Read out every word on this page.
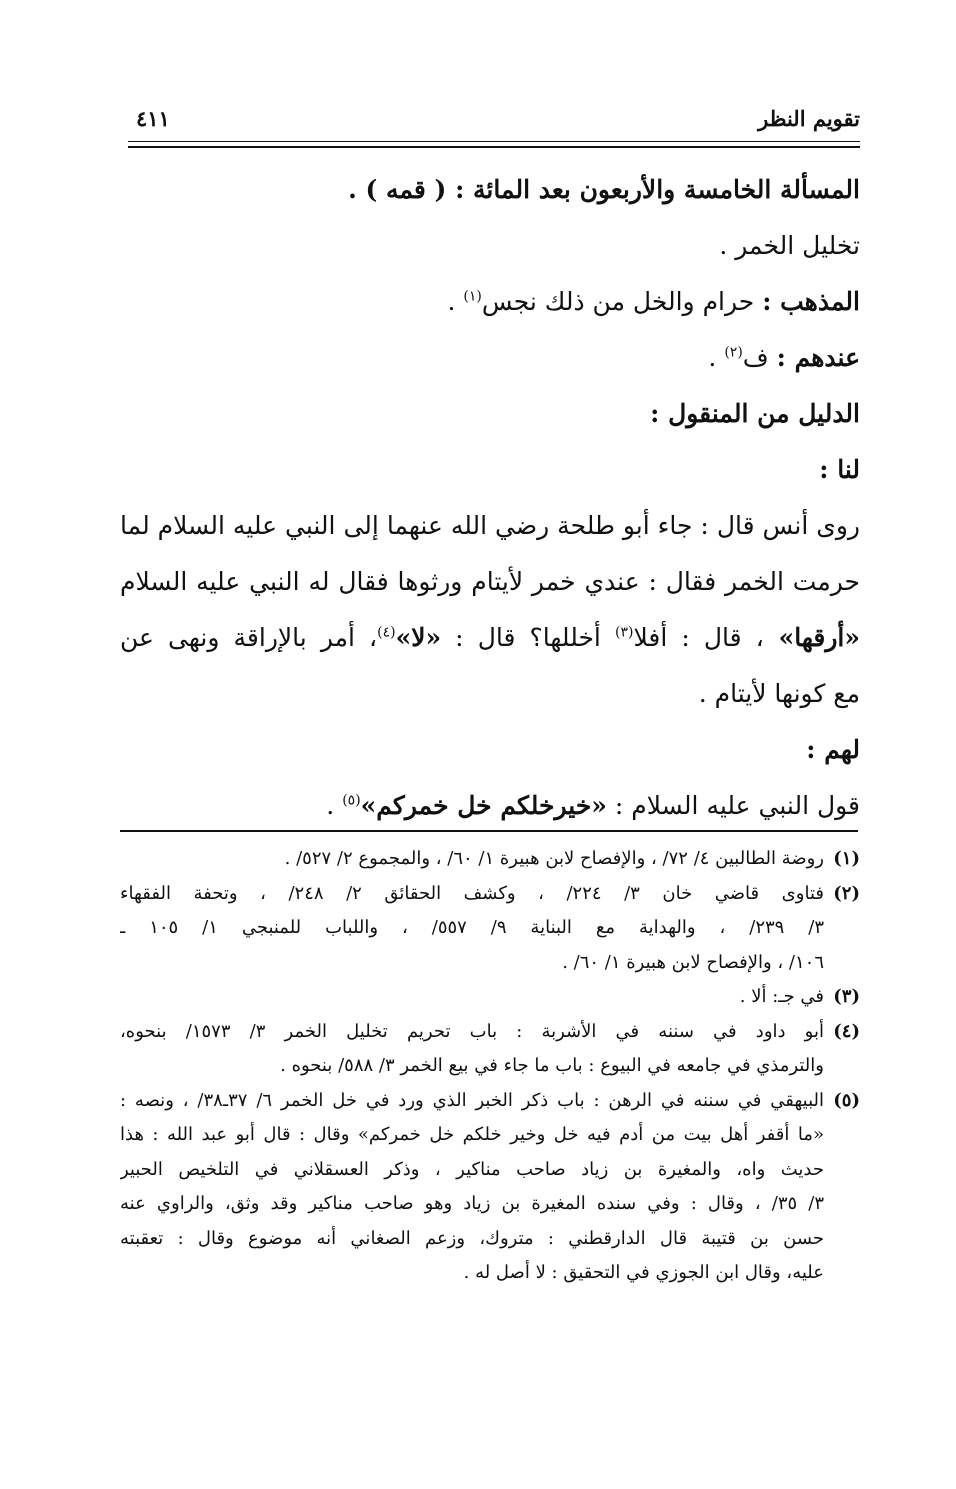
تقويم النظر
٤١١

المسألة الخامسة والأربعون بعد المائة : ( قمه ) .

تخليل الخمر .

المذهب : حرام والخل من ذلك نجس$^{(١)}$ .

عندهم : ف$^{(٢)}$ .

الدليل من المنقول :

لنا :

روى أنس قال : جاء أبو طلحة رضي الله عنهما إلى النبي عليه السلام لما

حرمت الخمر فقال : عندي خمر لأيتام ورثوها فقال له النبي عليه السلام

«أرقها» ، قال : أفلا$^{(٣)}$ أخللها؟ قال : «لا»$^{(٤)}$، أمر بالإراقة ونهى عن

مع كونها لأيتام .

لهم :

قول النبي عليه السلام : «خيرخلكم خل خمركم»$^{(٥)}$ .

(١)
روضة الطالبين ٤/ ٧٢/ ، والإفصاح لابن هبيرة ١/ ٦٠/ ، والمجموع ٢/ ٥٢٧/ .
(٢)
فتاوى قاضي خان ٣/ ٢٢٤/ ، وكشف الحقائق ٢/ ٢٤٨/ ، وتحفة الفقهاء
٣/ ٢٣٩/ ، والهداية مع البناية ٩/ ٥٥٧/ ، واللباب للمنبجي ١/ ١٠٥ ـ
١٠٦/ ، والإفصاح لابن هبيرة ١/ ٦٠/ .
(٣)
في جـ: ألا .
(٤)
أبو داود في سننه في الأشربة : باب تحريم تخليل الخمر ٣/ ١٥٧٣/ بنحوه،
والترمذي في جامعه في البيوع : باب ما جاء في بيع الخمر ٣/ ٥٨٨/ بنحوه .
(٥)
البيهقي في سننه في الرهن : باب ذكر الخبر الذي ورد في خل الخمر ٦/ ٣٧ـ٣٨/ ، ونصه :
«ما أقفر أهل بيت من أدم فيه خل وخير خلكم خل خمركم» وقال : قال أبو عبد الله : هذا
حديث واه، والمغيرة بن زياد صاحب مناكير ، وذكر العسقلاني في التلخيص الحبير
٣/ ٣٥/ ، وقال : وفي سنده المغيرة بن زياد وهو صاحب مناكير وقد وثق، والراوي عنه
حسن بن قتيبة قال الدارقطني : متروك، وزعم الصغاني أنه موضوع وقال : تعقبته
عليه، وقال ابن الجوزي في التحقيق : لا أصل له .
